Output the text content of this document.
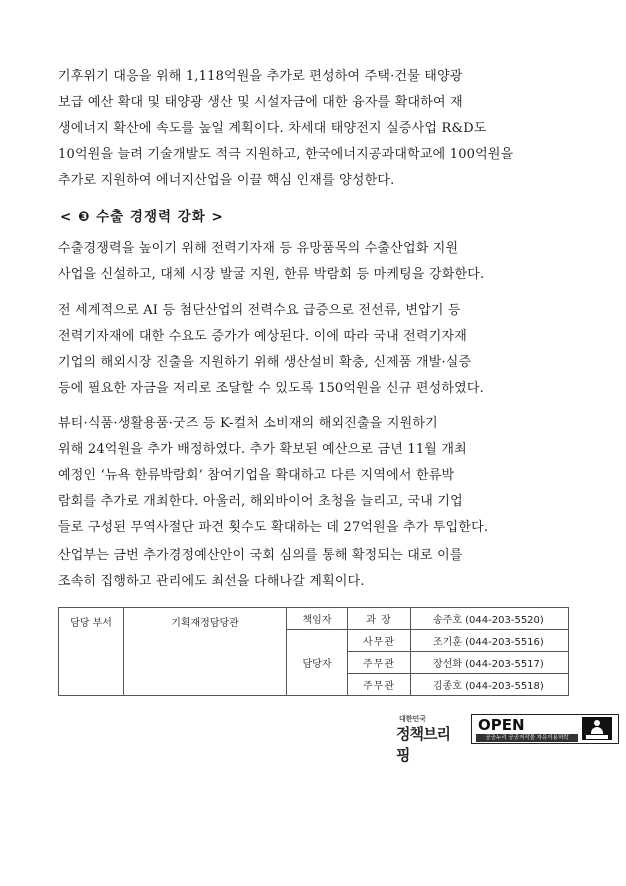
기후위기 대응을 위해 1,118억원을 추가로 편성하여 주택·건물 태양광
보급 예산 확대 및 태양광 생산 및 시설자금에 대한 융자를 확대하여 재
생에너지 확산에 속도를 높일 계획이다. 차세대 태양전지 실증사업 R&D도
10억원을 늘려 기술개발도 적극 지원하고, 한국에너지공과대학교에 100억원을
추가로 지원하여 에너지산업을 이끌 핵심 인재를 양성한다.
< ❸ 수출 경쟁력 강화 >
수출경쟁력을 높이기 위해 전력기자재 등 유망품목의 수출산업화 지원
사업을 신설하고, 대체 시장 발굴 지원, 한류 박람회 등 마케팅을 강화한다.
전 세계적으로 AI 등 첨단산업의 전력수요 급증으로 전선류, 변압기 등
전력기자재에 대한 수요도 증가가 예상된다. 이에 따라 국내 전력기자재
기업의 해외시장 진출을 지원하기 위해 생산설비 확충, 신제품 개발·실증
등에 필요한 자금을 저리로 조달할 수 있도록 150억원을 신규 편성하였다.
뷰티·식품·생활용품·굿즈 등 K-컬처 소비재의 해외진출을 지원하기
위해 24억원을 추가 배정하였다. 추가 확보된 예산으로 금년 11월 개최
예정인 ‘뉴욕 한류박람회’ 참여기업을 확대하고 다른 지역에서 한류박
람회를 추가로 개최한다. 아울러, 해외바이어 초청을 늘리고, 국내 기업
들로 구성된 무역사절단 파견 횟수도 확대하는 데 27억원을 추가 투입한다.
산업부는 금번 추가경정예산안이 국회 심의를 통해 확정되는 대로 이를
조속히 집행하고 관리에도 최선을 다해나갈 계획이다.
담당 부서	기획재정담당관	책임자	과 장	송주호 (044-203-5520)
		담당자	사무관	조기훈 (044-203-5516)
			주무관	장선화 (044-203-5517)
			주무관	김종호 (044-203-5518)
대한민국
정책브리핑
OPEN
공공누리 공공저작물 자유이용허락
